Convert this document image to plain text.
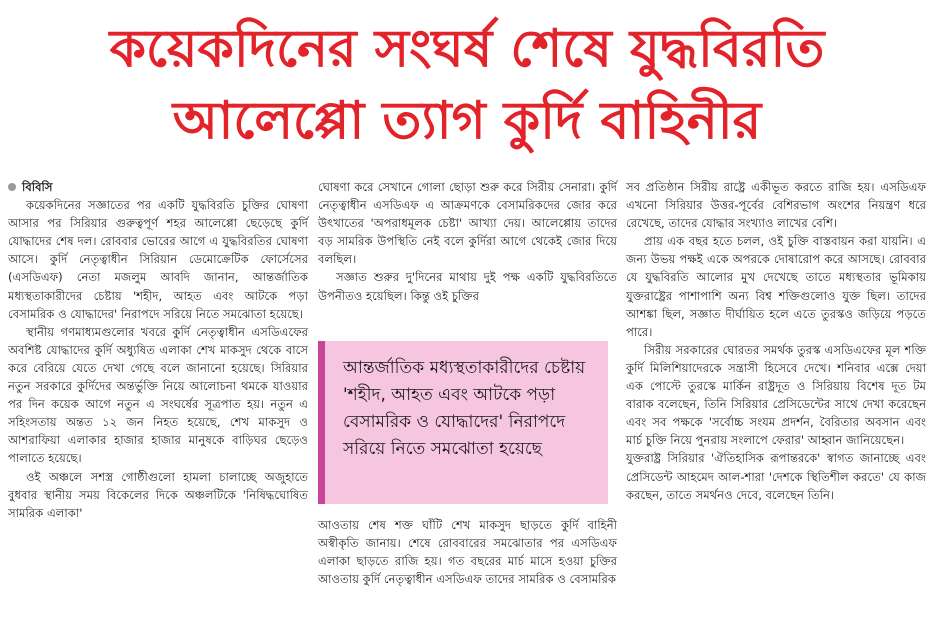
কয়েকদিনের সংঘর্ষ শেষে যুদ্ধবিরতি
আলেপ্পো ত্যাগ কুর্দি বাহিনীর
বিবিসি

কয়েকদিনের সজ্ঞাতের পর একটি যুদ্ধবিরতি চুক্তির ঘোষণা আসার পর সিরিয়ার গুরুত্বপূর্ণ শহর আলেপ্পো ছেড়েছে কুর্দি যোদ্ধাদের শেষ দল। রোববার ভোরের আগে এ যুদ্ধবিরতির ঘোষণা আসে। কুর্দি নেতৃত্বাধীন সিরিয়ান ডেমোক্রেটিক ফোর্সেসের (এসডিএফ) নেতা মজলুম আবদি জানান, আন্তর্জাতিক মধ্যস্থতাকারীদের চেষ্টায় 'শহীদ, আহত এবং আটকে পড়া বেসামরিক ও যোদ্ধাদের' নিরাপদে সরিয়ে নিতে সমঝোতা হয়েছে।

স্থানীয় গণমাধ্যমগুলোর খবরে কুর্দি নেতৃত্বাধীন এসডিএফের অবশিষ্ট যোদ্ধাদের কুর্দি অধ্যুষিত এলাকা শেখ মাকসুদ থেকে বাসে করে বেরিয়ে যেতে দেখা গেছে বলে জানানো হয়েছে। সিরিয়ার নতুন সরকারে কুর্দিদের অন্তর্ভুক্তি নিয়ে আলোচনা থমকে যাওয়ার পর দিন কয়েক আগে নতুন এ সংঘর্ষের সূত্রপাত হয়। নতুন এ সহিংসতায় অন্তত ১২ জন নিহত হয়েছে, শেখ মাকসুদ ও আশরাফিয়া এলাকার হাজার হাজার মানুষকে বাড়িঘর ছেড়েও পালাতে হয়েছে।

ওই অঞ্চলে সশস্ত্র গোষ্ঠীগুলো হামলা চালাচ্ছে অজুহাতে বুধবার স্থানীয় সময় বিকেলের দিকে অঞ্চলটিকে 'নিষিদ্ধঘোষিত সামরিক এলাকা'

ঘোষণা করে সেখানে গোলা ছোড়া শুরু করে সিরীয় সেনারা। কুর্দি নেতৃত্বাধীন এসডিএফ এ আক্রমণকে বেসামরিকদের জোর করে উৎখাতের 'অপরাধমূলক চেষ্টা' আখ্যা দেয়। আলেপ্পোয় তাদের বড় সামরিক উপস্থিতি নেই বলে কুর্দিরা আগে থেকেই জোর দিয়ে বলছিল।

সজ্ঞাত শুরুর দু'দিনের মাথায় দুই পক্ষ একটি যুদ্ধবিরতিতে উপনীতও হয়েছিল। কিন্তু ওই চুক্তির

আন্তর্জাতিক মধ্যস্থতাকারীদের চেষ্টায় 'শহীদ, আহত এবং আটকে পড়া বেসামরিক ও যোদ্ধাদের' নিরাপদে সরিয়ে নিতে সমঝোতা হয়েছে

আওতায় শেষ শক্ত ঘাঁটি শেখ মাকসুদ ছাড়তে কুর্দি বাহিনী অস্বীকৃতি জানায়। শেষে রোববারের সমঝোতার পর এসডিএফ এলাকা ছাড়তে রাজি হয়। গত বছরের মার্চ মাসে হওয়া চুক্তির আওতায় কুর্দি নেতৃত্বাধীন এসডিএফ তাদের সামরিক ও বেসামরিক

সব প্রতিষ্ঠান সিরীয় রাষ্ট্রে একীভূত করতে রাজি হয়। এসডিএফ এখনো সিরিয়ার উত্তর-পূর্বের বেশিরভাগ অংশের নিয়ন্ত্রণ ধরে রেখেছে, তাদের যোদ্ধার সংখ্যাও লাখের বেশি।

প্রায় এক বছর হতে চলল, ওই চুক্তি বাস্তবায়ন করা যায়নি। এ জন্য উভয় পক্ষই একে অপরকে দোষারোপ করে আসছে। রোববার যে যুদ্ধবিরতি আলোর মুখ দেখেছে তাতে মধ্যস্থতার ভূমিকায় যুক্তরাষ্ট্রের পাশাপাশি অন্য বিশ্ব শক্তিগুলোও যুক্ত ছিল। তাদের আশঙ্কা ছিল, সজ্ঞাত দীর্ঘায়িত হলে এতে তুরস্কও জড়িয়ে পড়তে পারে।

সিরীয় সরকারের ঘোরতর সমর্থক তুরস্ক এসডিএফের মূল শক্তি কুর্দি মিলিশিয়াদেরকে সন্ত্রাসী হিসেবে দেখে। শনিবার এক্সে দেয়া এক পোস্টে তুরস্কে মার্কিন রাষ্ট্রদূত ও সিরিয়ায় বিশেষ দূত টম বারাক বলেছেন, তিনি সিরিয়ার প্রেসিডেন্টের সাথে দেখা করেছেন এবং সব পক্ষকে 'সর্বোচ্চ সংযম প্রদর্শন, বৈরিতার অবসান এবং মার্চ চুক্তি নিয়ে পুনরায় সংলাপে ফেরার' আহ্বান জানিয়েছেন।

যুক্তরাষ্ট্র সিরিয়ার 'ঐতিহাসিক রূপান্তরকে' স্বাগত জানাচ্ছে এবং প্রেসিডেন্ট আহমেদ আল-শারা 'দেশকে স্থিতিশীল করতে' যে কাজ করছেন, তাতে সমর্থনও দেবে, বলেছেন তিনি।
